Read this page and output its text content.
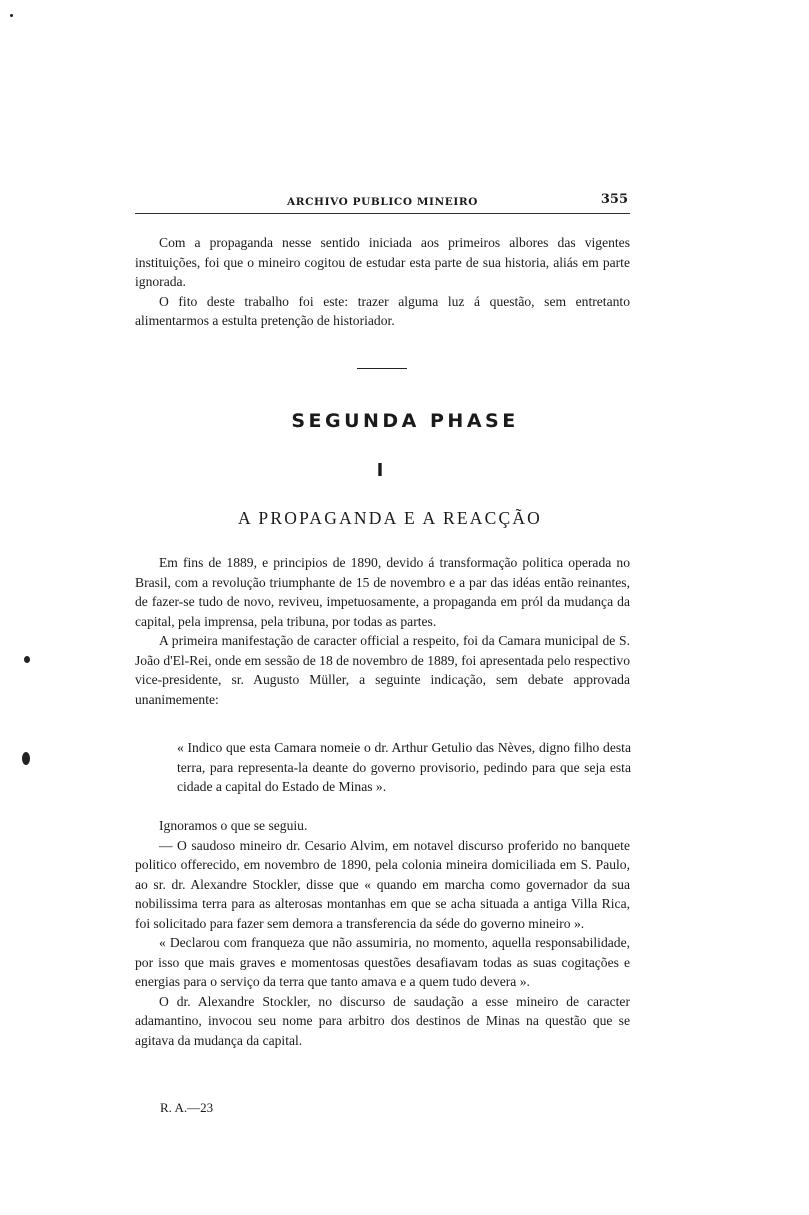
ARCHIVO PUBLICO MINEIRO	355

Com a propaganda nesse sentido iniciada aos primeiros albores das vigentes instituições, foi que o mineiro cogitou de estudar esta parte de sua historia, aliás em parte ignorada.

O fito deste trabalho foi este: trazer alguma luz á questão, sem entretanto alimentarmos a estulta pretenção de historiador.

SEGUNDA PHASE
I
A PROPAGANDA E A REACÇÃO

Em fins de 1889, e principios de 1890, devido á transformação politica operada no Brasil, com a revolução triumphante de 15 de novembro e a par das idéas então reinantes, de fazer-se tudo de novo, reviveu, impetuosamente, a propaganda em pról da mudança da capital, pela imprensa, pela tribuna, por todas as partes.

A primeira manifestação de caracter official a respeito, foi da Camara municipal de S. João d'El-Rei, onde em sessão de 18 de novembro de 1889, foi apresentada pelo respectivo vice-presidente, sr. Augusto Müller, a seguinte indicação, sem debate approvada unanimemente:

« Indico que esta Camara nomeie o dr. Arthur Getulio das Nèves, digno filho desta terra, para representa-la deante do governo provisorio, pedindo para que seja esta cidade a capital do Estado de Minas ».

Ignoramos o que se seguiu.

— O saudoso mineiro dr. Cesario Alvim, em notavel discurso proferido no banquete politico offerecido, em novembro de 1890, pela colonia mineira domiciliada em S. Paulo, ao sr. dr. Alexandre Stockler, disse que « quando em marcha como governador da sua nobilissima terra para as alterosas montanhas em que se acha situada a antiga Villa Rica, foi solicitado para fazer sem demora a transferencia da séde do governo mineiro ».

« Declarou com franqueza que não assumiria, no momento, aquella responsabilidade, por isso que mais graves e momentosas questões desafiavam todas as suas cogitações e energias para o serviço da terra que tanto amava e a quem tudo devera ».

O dr. Alexandre Stockler, no discurso de saudação a esse mineiro de caracter adamantino, invocou seu nome para arbitro dos destinos de Minas na questão que se agitava da mudança da capital.

R. A.—23
